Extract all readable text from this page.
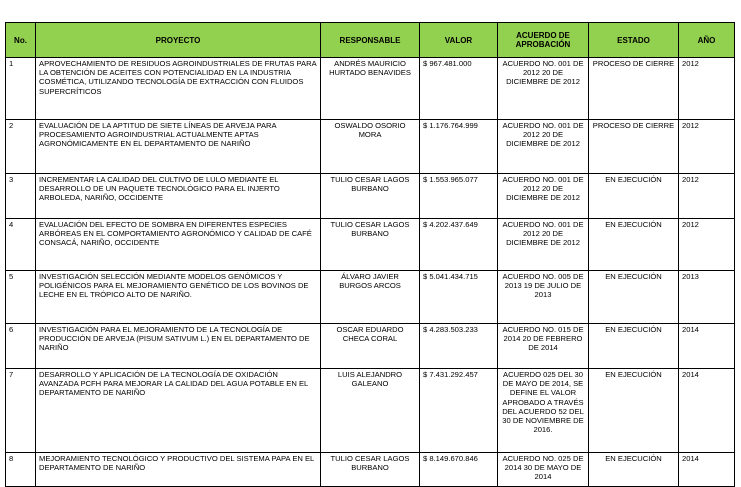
No.	PROYECTO	RESPONSABLE	VALOR	ACUERDO DE APROBACIÓN	ESTADO	AÑO
1	APROVECHAMIENTO DE RESIDUOS AGROINDUSTRIALES DE FRUTAS PARA LA OBTENCIÓN DE ACEITES CON POTENCIALIDAD EN LA INDUSTRIA COSMÉTICA, UTILIZANDO TECNOLOGÍA DE EXTRACCIÓN CON FLUIDOS SUPERCRÍTICOS	ANDRÉS MAURICIO HURTADO BENAVIDES	$ 967.481.000	ACUERDO NO. 001 DE 2012 20 DE DICIEMBRE DE 2012	PROCESO DE CIERRE	2012
2	EVALUACIÓN DE LA APTITUD DE SIETE LÍNEAS DE ARVEJA PARA PROCESAMIENTO AGROINDUSTRIAL ACTUALMENTE APTAS AGRONÓMICAMENTE EN EL DEPARTAMENTO DE NARIÑO	OSWALDO OSORIO MORA	$ 1.176.764.999	ACUERDO NO. 001 DE 2012 20 DE DICIEMBRE DE 2012	PROCESO DE CIERRE	2012
3	INCREMENTAR LA CALIDAD DEL CULTIVO DE LULO MEDIANTE EL DESARROLLO DE UN PAQUETE TECNOLÓGICO PARA EL INJERTO ARBOLEDA, NARIÑO, OCCIDENTE	TULIO CESAR LAGOS BURBANO	$ 1.553.965.077	ACUERDO NO. 001 DE 2012 20 DE DICIEMBRE DE 2012	EN EJECUCIÓN	2012
4	EVALUACIÓN DEL EFECTO DE SOMBRA EN DIFERENTES ESPECIES ARBÓREAS EN EL COMPORTAMIENTO AGRONÓMICO Y CALIDAD DE CAFÉ CONSACÁ, NARIÑO, OCCIDENTE	TULIO CESAR LAGOS BURBANO	$ 4.202.437.649	ACUERDO NO. 001 DE 2012 20 DE DICIEMBRE DE 2012	EN EJECUCIÓN	2012
5	INVESTIGACIÓN SELECCIÓN MEDIANTE MODELOS GENÓMICOS Y POLIGÉNICOS PARA EL MEJORAMIENTO GENÉTICO DE LOS BOVINOS DE LECHE EN EL TRÓPICO ALTO DE NARIÑO.	ÁLVARO JAVIER BURGOS ARCOS	$ 5.041.434.715	ACUERDO NO. 005 DE 2013 19 DE JULIO DE 2013	EN EJECUCIÓN	2013
6	INVESTIGACIÓN PARA EL MEJORAMIENTO DE LA TECNOLOGÍA DE PRODUCCIÓN DE ARVEJA (PISUM SATIVUM L.) EN EL DEPARTAMENTO DE NARIÑO	OSCAR EDUARDO CHECA CORAL	$ 4.283.503.233	ACUERDO NO. 015 DE 2014 20 DE FEBRERO DE 2014	EN EJECUCIÓN	2014
7	DESARROLLO Y APLICACIÓN DE LA TECNOLOGÍA DE OXIDACIÓN AVANZADA PCFH PARA MEJORAR LA CALIDAD DEL AGUA POTABLE EN EL DEPARTAMENTO DE NARIÑO	LUIS ALEJANDRO GALEANO	$ 7.431.292.457	ACUERDO 025 DEL 30 DE MAYO DE 2014, SE DEFINE EL VALOR APROBADO A TRAVÉS DEL ACUERDO 52 DEL 30 DE NOVIEMBRE DE 2016.	EN EJECUCIÓN	2014
8	MEJORAMIENTO TECNOLÓGICO Y PRODUCTIVO DEL SISTEMA PAPA EN EL DEPARTAMENTO DE NARIÑO	TULIO CESAR LAGOS BURBANO	$ 8.149.670.846	ACUERDO NO. 025 DE 2014 30 DE MAYO DE 2014	EN EJECUCIÓN	2014
